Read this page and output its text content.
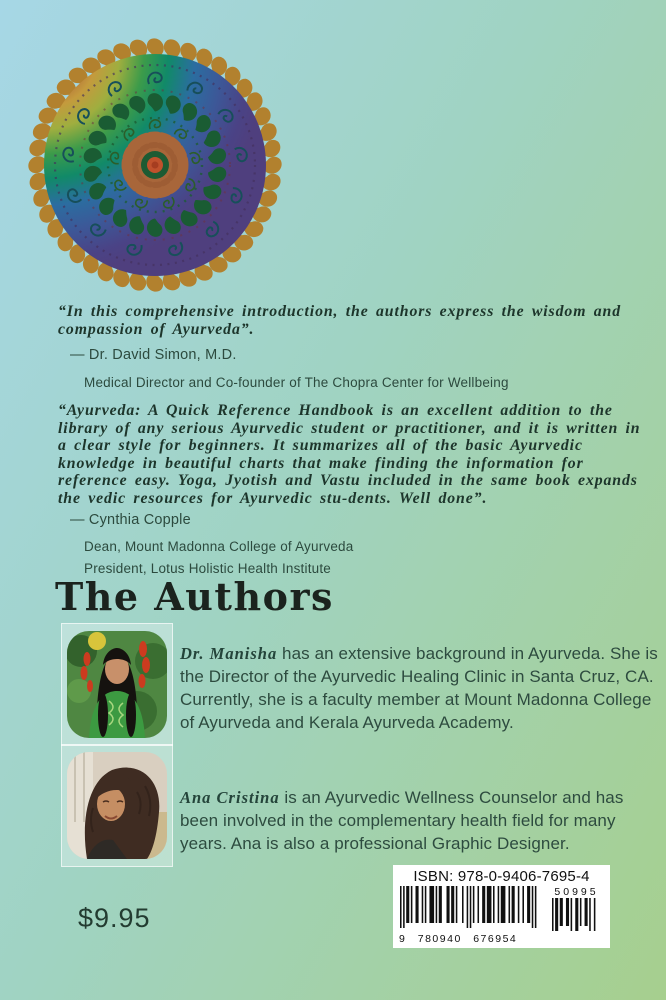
“In this comprehensive introduction, the authors express the wisdom and compassion of Ayurveda”.
— Dr. David Simon, M.D.
Medical Director and Co-founder of The Chopra Center for Wellbeing
“Ayurveda: A Quick Reference Handbook is an excellent addition to the library of any serious Ayurvedic student or practitioner, and it is written in a clear style for beginners. It summarizes all of the basic Ayurvedic knowledge in beautiful charts that make finding the information for reference easy. Yoga, Jyotish and Vastu included in the same book expands the vedic resources for Ayurvedic stu-dents. Well done”.
— Cynthia Copple
Dean, Mount Madonna College of Ayurveda
President, Lotus Holistic Health Institute
The Authors
Dr. Manisha has an extensive background in Ayurveda. She is the Director of the Ayurvedic Healing Clinic in Santa Cruz, CA. Currently, she is a faculty member at Mount Madonna College of Ayurveda and Kerala Ayurveda Academy.
Ana Cristina is an Ayurvedic Wellness Counselor and has been involved in the complementary health field for many years. Ana is also a professional Graphic Designer.
ISBN: 978-0-9406-7695-4
9 780940 676954
50995
$9.95
